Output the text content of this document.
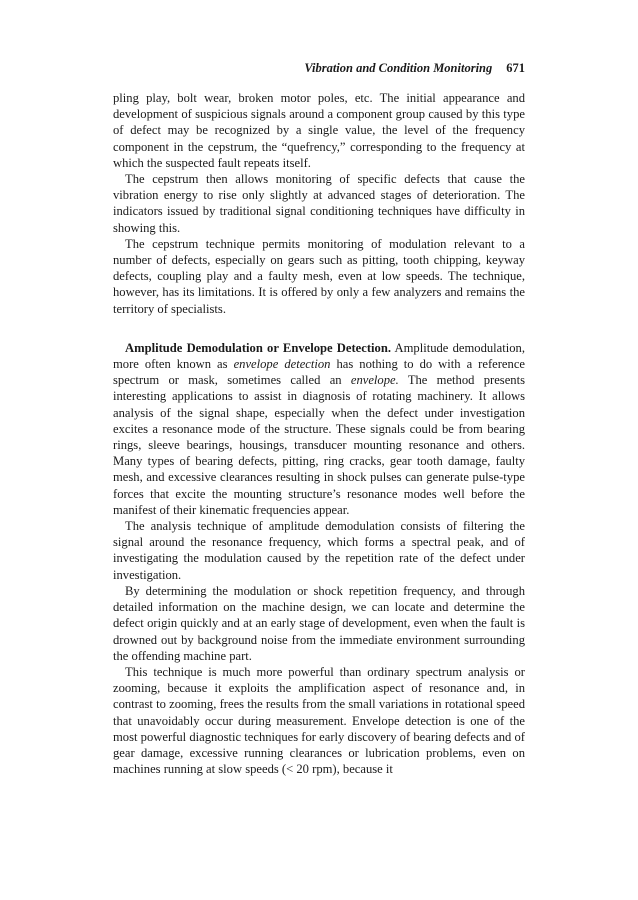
Vibration and Condition Monitoring 671

pling play, bolt wear, broken motor poles, etc. The initial appearance and development of suspicious signals around a component group caused by this type of defect may be recognized by a single value, the level of the frequency component in the cepstrum, the “quefrency,” corresponding to the frequency at which the suspected fault repeats itself.

The cepstrum then allows monitoring of specific defects that cause the vibration energy to rise only slightly at advanced stages of deterioration. The indicators issued by traditional signal conditioning techniques have difficulty in showing this.

The cepstrum technique permits monitoring of modulation relevant to a number of defects, especially on gears such as pitting, tooth chipping, keyway defects, coupling play and a faulty mesh, even at low speeds. The technique, however, has its limitations. It is offered by only a few analyzers and remains the territory of specialists.

Amplitude Demodulation or Envelope Detection. Amplitude demodulation, more often known as envelope detection has nothing to do with a reference spectrum or mask, sometimes called an envelope. The method presents interesting applications to assist in diagnosis of rotating machinery. It allows analysis of the signal shape, especially when the defect under investigation excites a resonance mode of the structure. These signals could be from bearing rings, sleeve bearings, housings, transducer mounting resonance and others. Many types of bearing defects, pitting, ring cracks, gear tooth damage, faulty mesh, and excessive clearances resulting in shock pulses can generate pulse-type forces that excite the mounting structure’s resonance modes well before the manifest of their kinematic frequencies appear.

The analysis technique of amplitude demodulation consists of filtering the signal around the resonance frequency, which forms a spectral peak, and of investigating the modulation caused by the repetition rate of the defect under investigation.

By determining the modulation or shock repetition frequency, and through detailed information on the machine design, we can locate and determine the defect origin quickly and at an early stage of development, even when the fault is drowned out by background noise from the immediate environment surrounding the offending machine part.

This technique is much more powerful than ordinary spectrum analysis or zooming, because it exploits the amplification aspect of resonance and, in contrast to zooming, frees the results from the small variations in rotational speed that unavoidably occur during measurement. Envelope detection is one of the most powerful diagnostic techniques for early discovery of bearing defects and of gear damage, excessive running clearances or lubrication problems, even on machines running at slow speeds (< 20 rpm), because it
